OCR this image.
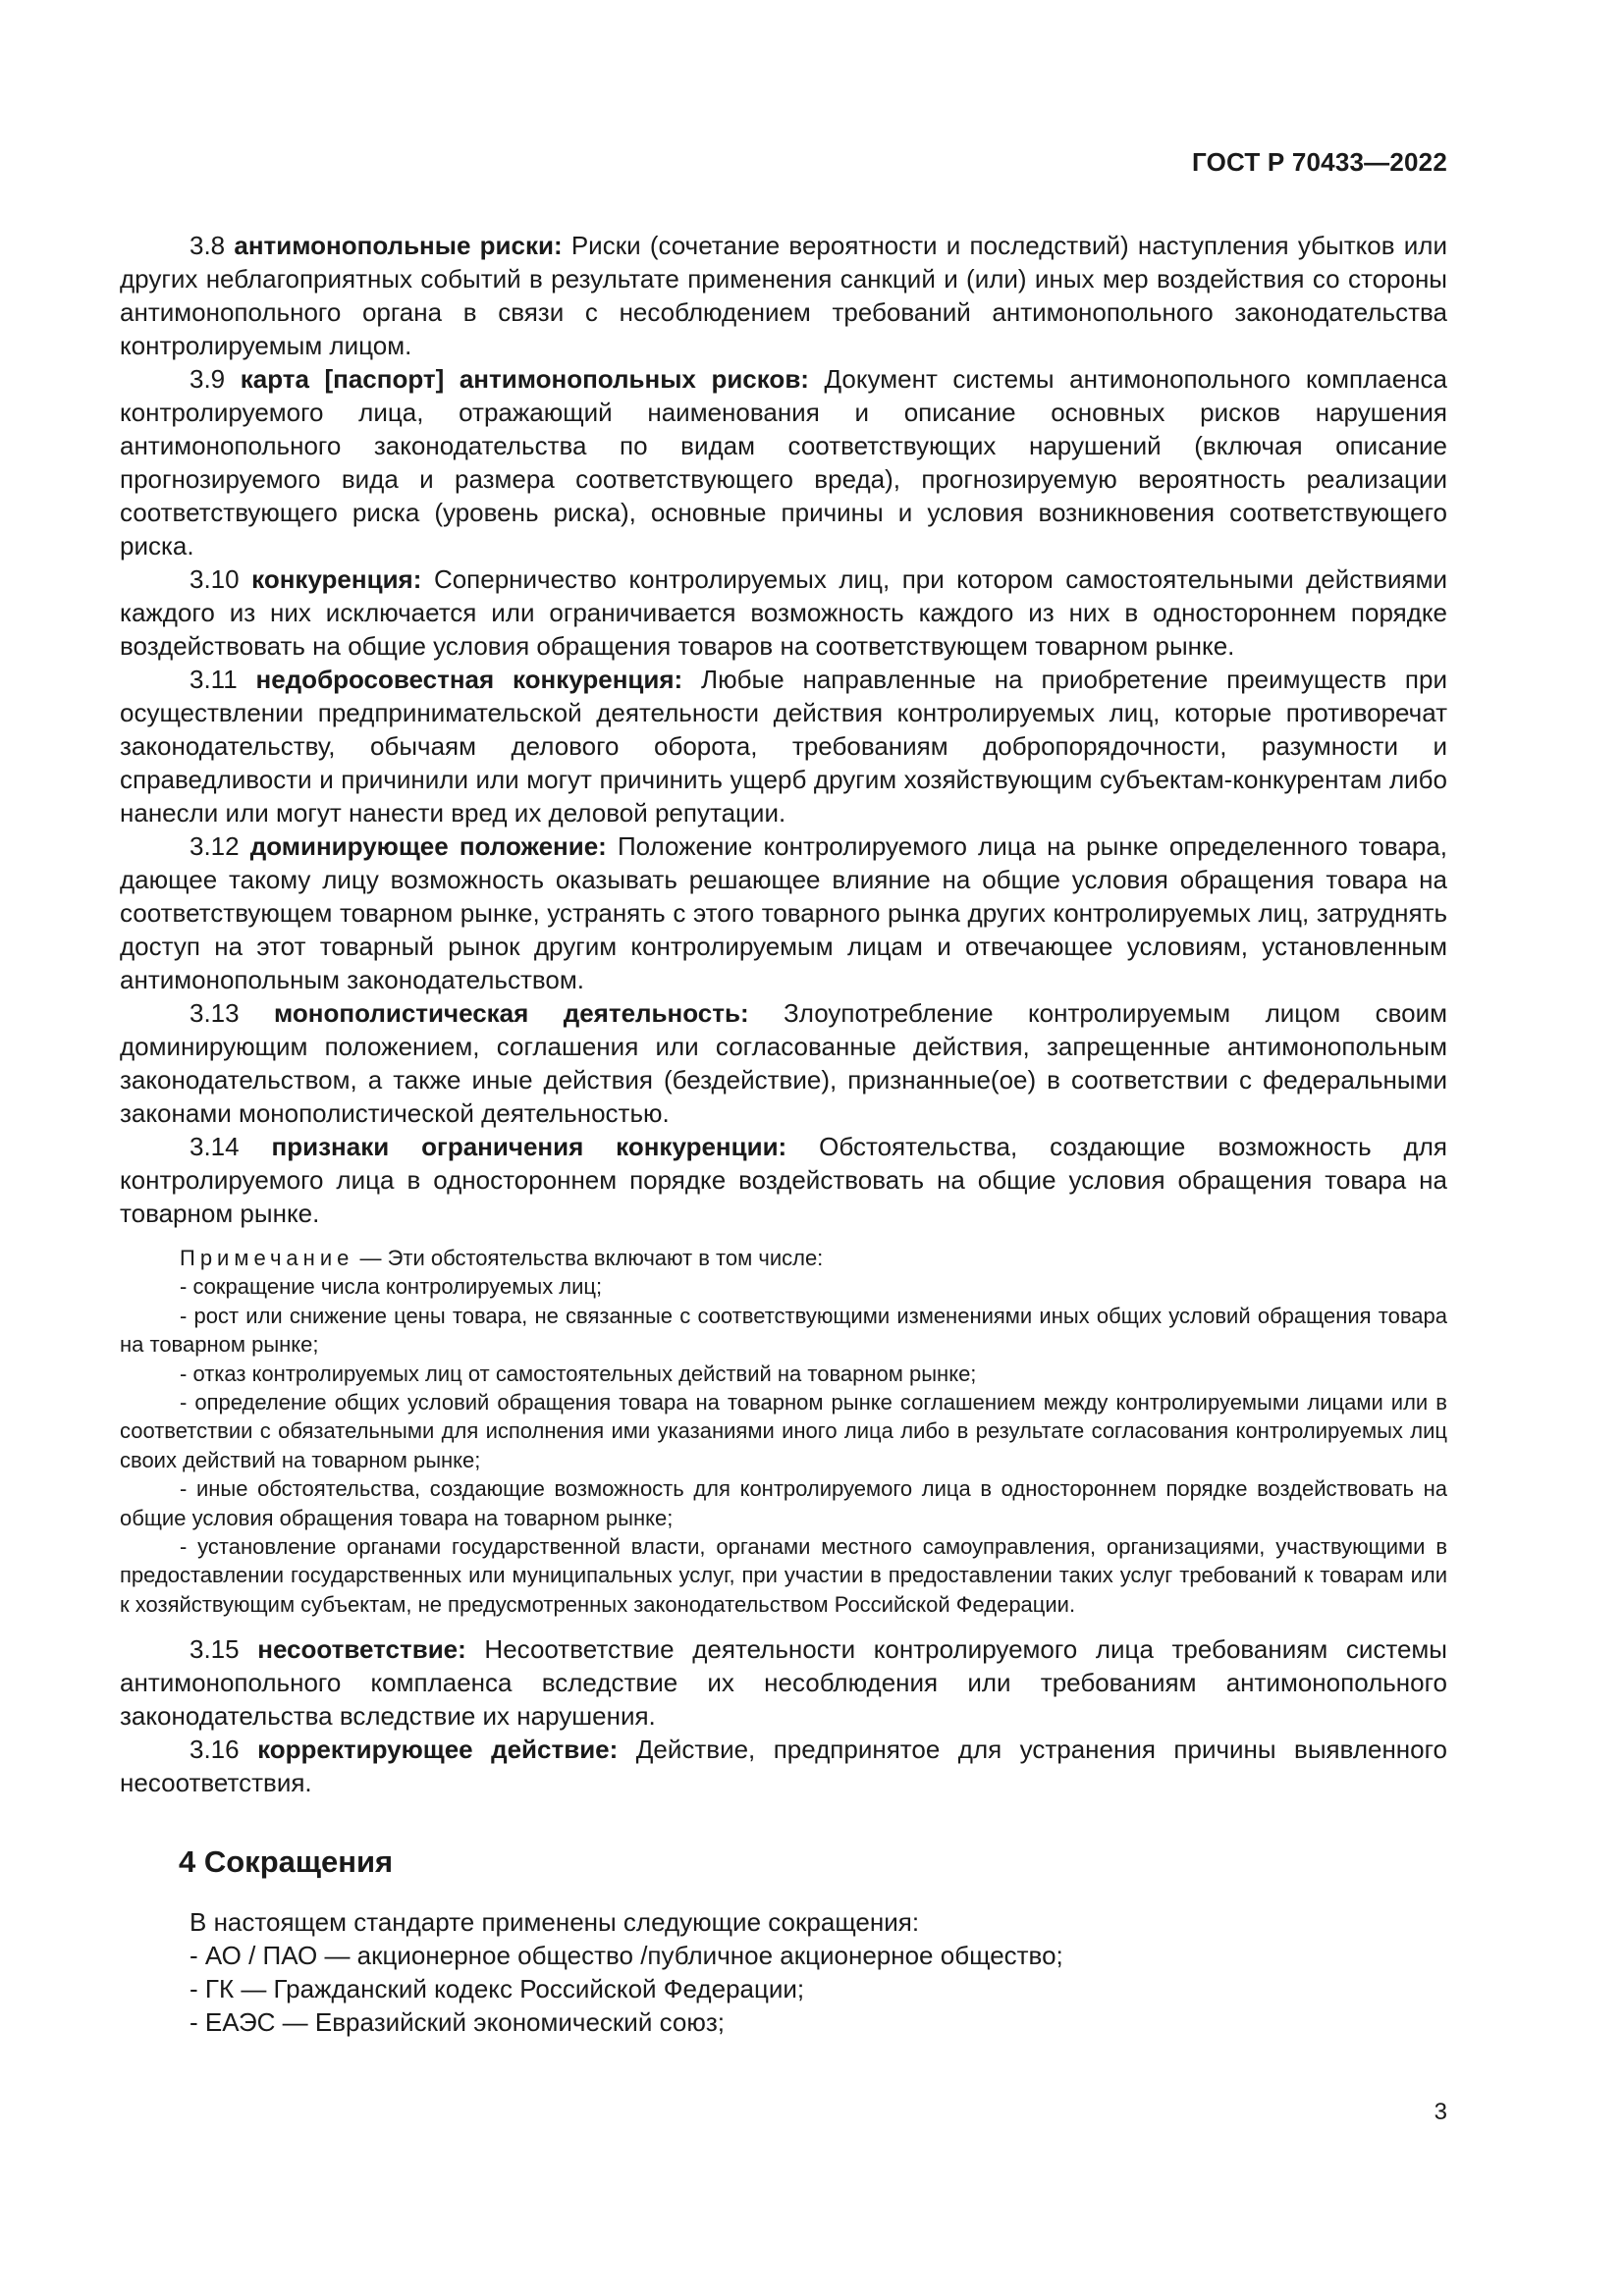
ГОСТ Р 70433—2022

3.8 антимонопольные риски: Риски (сочетание вероятности и последствий) наступления убытков или других неблагоприятных событий в результате применения санкций и (или) иных мер воздействия со стороны антимонопольного органа в связи с несоблюдением требований антимонопольного законодательства контролируемым лицом.

3.9 карта [паспорт] антимонопольных рисков: Документ системы антимонопольного комплаенса контролируемого лица, отражающий наименования и описание основных рисков нарушения антимонопольного законодательства по видам соответствующих нарушений (включая описание прогнозируемого вида и размера соответствующего вреда), прогнозируемую вероятность реализации соответствующего риска (уровень риска), основные причины и условия возникновения соответствующего риска.

3.10 конкуренция: Соперничество контролируемых лиц, при котором самостоятельными действиями каждого из них исключается или ограничивается возможность каждого из них в одностороннем порядке воздействовать на общие условия обращения товаров на соответствующем товарном рынке.

3.11 недобросовестная конкуренция: Любые направленные на приобретение преимуществ при осуществлении предпринимательской деятельности действия контролируемых лиц, которые противоречат законодательству, обычаям делового оборота, требованиям добропорядочности, разумности и справедливости и причинили или могут причинить ущерб другим хозяйствующим субъектам-конкурентам либо нанесли или могут нанести вред их деловой репутации.

3.12 доминирующее положение: Положение контролируемого лица на рынке определенного товара, дающее такому лицу возможность оказывать решающее влияние на общие условия обращения товара на соответствующем товарном рынке, устранять с этого товарного рынка других контролируемых лиц, затруднять доступ на этот товарный рынок другим контролируемым лицам и отвечающее условиям, установленным антимонопольным законодательством.

3.13 монополистическая деятельность: Злоупотребление контролируемым лицом своим доминирующим положением, соглашения или согласованные действия, запрещенные антимонопольным законодательством, а также иные действия (бездействие), признанные(ое) в соответствии с федеральными законами монополистической деятельностью.

3.14 признаки ограничения конкуренции: Обстоятельства, создающие возможность для контролируемого лица в одностороннем порядке воздействовать на общие условия обращения товара на товарном рынке.

Примечание — Эти обстоятельства включают в том числе:

- сокращение числа контролируемых лиц;

- рост или снижение цены товара, не связанные с соответствующими изменениями иных общих условий обращения товара на товарном рынке;

- отказ контролируемых лиц от самостоятельных действий на товарном рынке;

- определение общих условий обращения товара на товарном рынке соглашением между контролируемыми лицами или в соответствии с обязательными для исполнения ими указаниями иного лица либо в результате согласования контролируемых лиц своих действий на товарном рынке;

- иные обстоятельства, создающие возможность для контролируемого лица в одностороннем порядке воздействовать на общие условия обращения товара на товарном рынке;

- установление органами государственной власти, органами местного самоуправления, организациями, участвующими в предоставлении государственных или муниципальных услуг, при участии в предоставлении таких услуг требований к товарам или к хозяйствующим субъектам, не предусмотренных законодательством Российской Федерации.

3.15 несоответствие: Несоответствие деятельности контролируемого лица требованиям системы антимонопольного комплаенса вследствие их несоблюдения или требованиям антимонопольного законодательства вследствие их нарушения.

3.16 корректирующее действие: Действие, предпринятое для устранения причины выявленного несоответствия.

4 Сокращения

В настоящем стандарте применены следующие сокращения:

- АО / ПАО — акционерное общество /публичное акционерное общество;

- ГК — Гражданский кодекс Российской Федерации;

- ЕАЭС — Евразийский экономический союз;

3
